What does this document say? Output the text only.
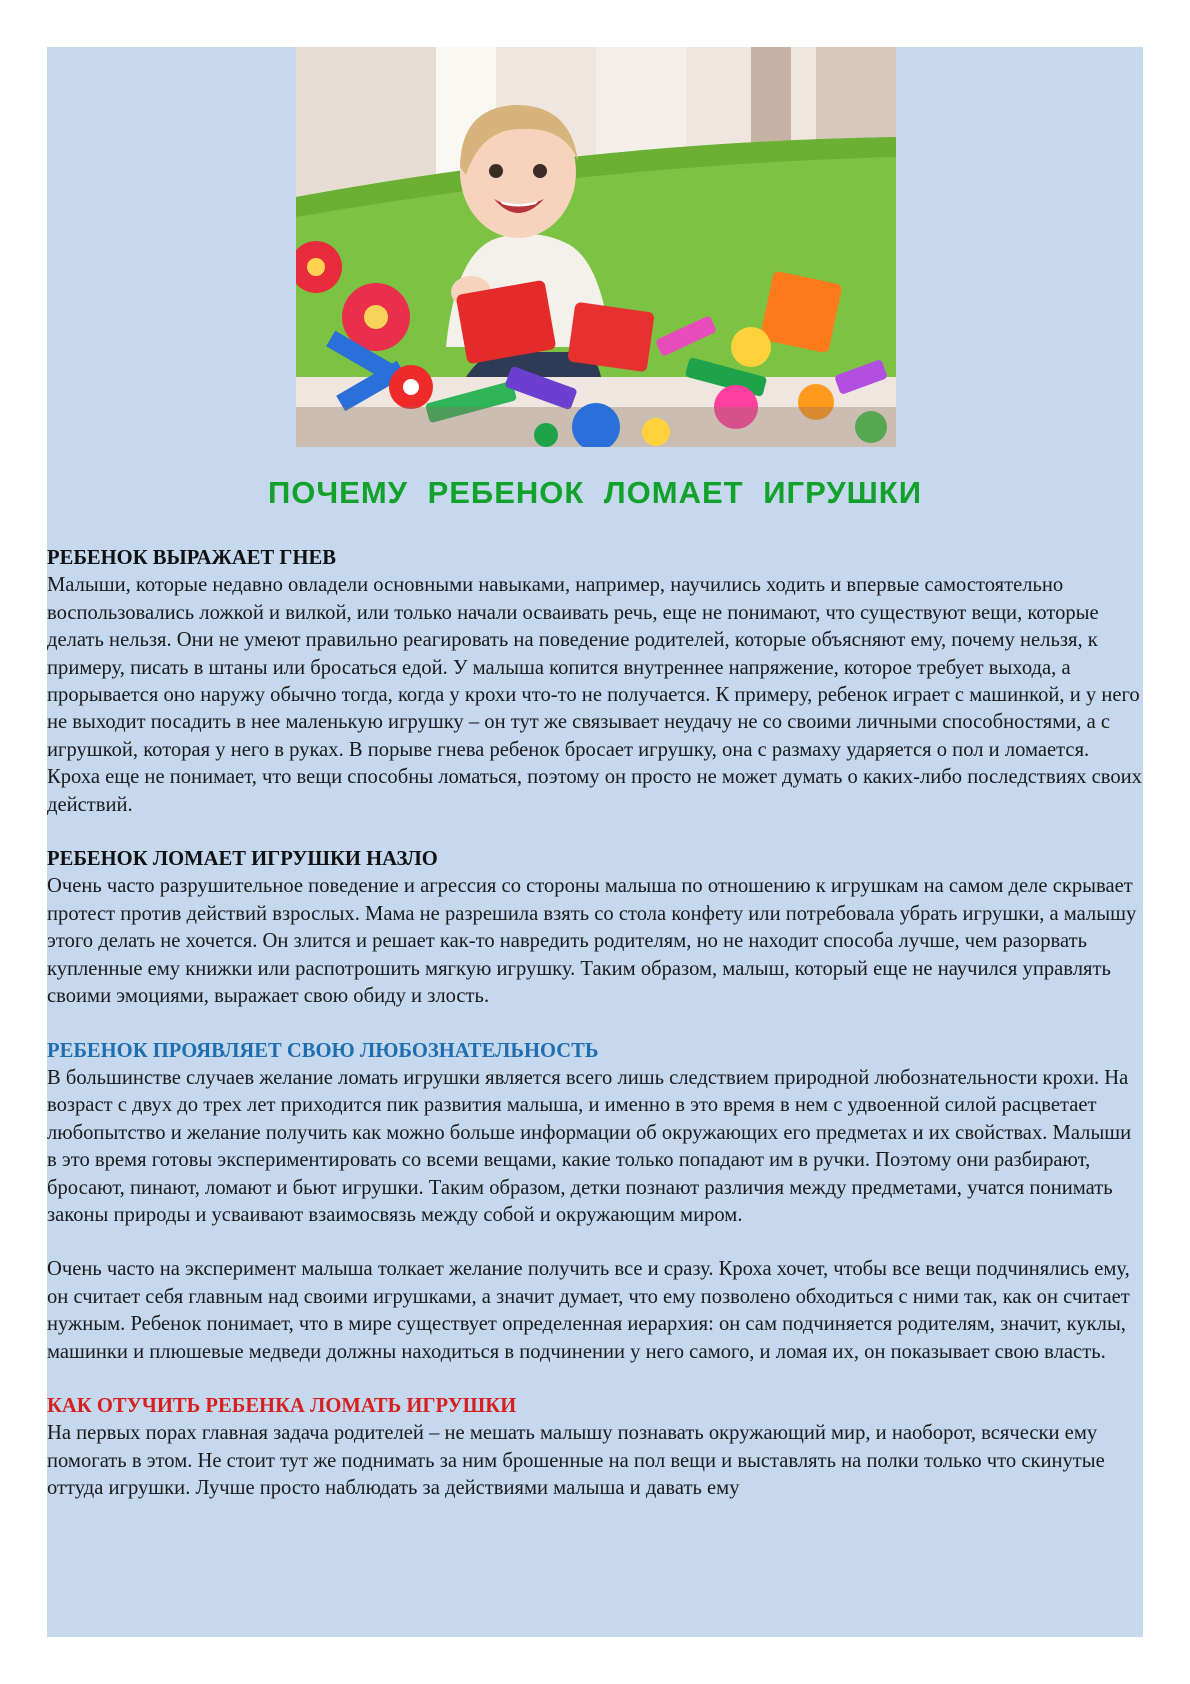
ПОЧЕМУ РЕБЕНОК ЛОМАЕТ ИГРУШКИ
РЕБЕНОК ВЫРАЖАЕТ ГНЕВ

Малыши, которые недавно овладели основными навыками, например, научились ходить и впервые самостоятельно воспользовались ложкой и вилкой, или только начали осваивать речь, еще не понимают, что существуют вещи, которые делать нельзя. Они не умеют правильно реагировать на поведение родителей, которые объясняют ему, почему нельзя, к примеру, писать в штаны или бросаться едой. У малыша копится внутреннее напряжение, которое требует выхода, а прорывается оно наружу обычно тогда, когда у крохи что-то не получается. К примеру, ребенок играет с машинкой, и у него не выходит посадить в нее маленькую игрушку – он тут же связывает неудачу не со своими личными способностями, а с игрушкой, которая у него в руках. В порыве гнева ребенок бросает игрушку, она с размаху ударяется о пол и ломается. Кроха еще не понимает, что вещи способны ломаться, поэтому он просто не может думать о каких-либо последствиях своих действий.

РЕБЕНОК ЛОМАЕТ ИГРУШКИ НАЗЛО

Очень часто разрушительное поведение и агрессия со стороны малыша по отношению к игрушкам на самом деле скрывает протест против действий взрослых. Мама не разрешила взять со стола конфету или потребовала убрать игрушки, а малышу этого делать не хочется. Он злится и решает как-то навредить родителям, но не находит способа лучше, чем разорвать купленные ему книжки или распотрошить мягкую игрушку. Таким образом, малыш, который еще не научился управлять своими эмоциями, выражает свою обиду и злость.

РЕБЕНОК ПРОЯВЛЯЕТ СВОЮ ЛЮБОЗНАТЕЛЬНОСТЬ

В большинстве случаев желание ломать игрушки является всего лишь следствием природной любознательности крохи. На возраст с двух до трех лет приходится пик развития малыша, и именно в это время в нем с удвоенной силой расцветает любопытство и желание получить как можно больше информации об окружающих его предметах и их свойствах. Малыши в это время готовы экспериментировать со всеми вещами, какие только попадают им в ручки. Поэтому они разбирают, бросают, пинают, ломают и бьют игрушки. Таким образом, детки познают различия между предметами, учатся понимать законы природы и усваивают взаимосвязь между собой и окружающим миром.

Очень часто на эксперимент малыша толкает желание получить все и сразу. Кроха хочет, чтобы все вещи подчинялись ему, он считает себя главным над своими игрушками, а значит думает, что ему позволено обходиться с ними так, как он считает нужным. Ребенок понимает, что в мире существует определенная иерархия: он сам подчиняется родителям, значит, куклы, машинки и плюшевые медведи должны находиться в подчинении у него самого, и ломая их, он показывает свою власть.

КАК ОТУЧИТЬ РЕБЕНКА ЛОМАТЬ ИГРУШКИ

На первых порах главная задача родителей – не мешать малышу познавать окружающий мир, и наоборот, всячески ему помогать в этом. Не стоит тут же поднимать за ним брошенные на пол вещи и выставлять на полки только что скинутые оттуда игрушки. Лучше просто наблюдать за действиями малыша и давать ему
